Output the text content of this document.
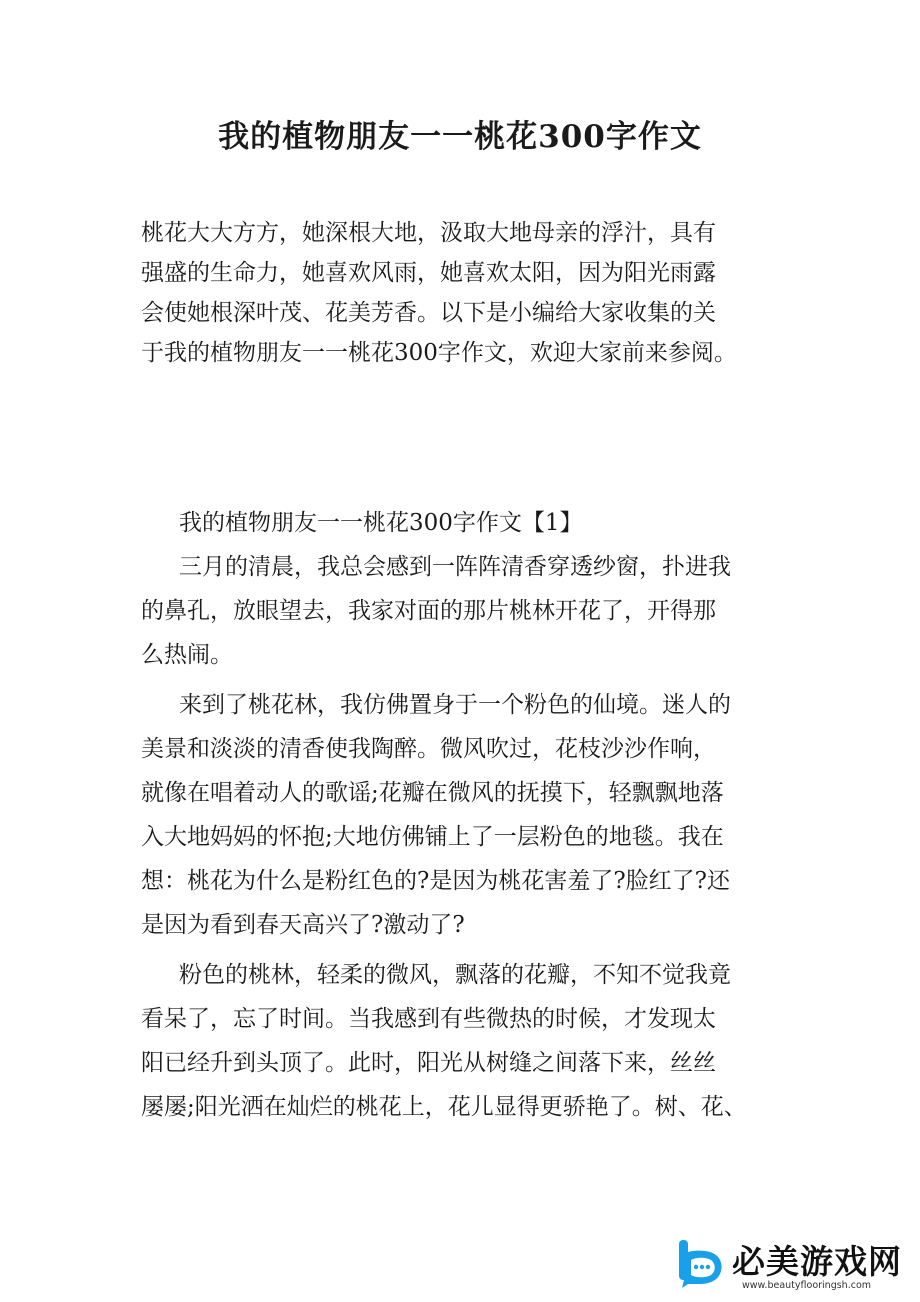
我的植物朋友一一桃花300字作文

桃花大大方方，她深根大地，汲取大地母亲的浮汁，具有
强盛的生命力，她喜欢风雨，她喜欢太阳，因为阳光雨露
会使她根深叶茂、花美芳香。以下是小编给大家收集的关
于我的植物朋友一一桃花300字作文，欢迎大家前来参阅。

我的植物朋友一一桃花300字作文【1】

三月的清晨，我总会感到一阵阵清香穿透纱窗，扑进我
的鼻孔，放眼望去，我家对面的那片桃林开花了，开得那
么热闹。

来到了桃花林，我仿佛置身于一个粉色的仙境。迷人的
美景和淡淡的清香使我陶醉。微风吹过，花枝沙沙作响，
就像在唱着动人的歌谣;花瓣在微风的抚摸下，轻飘飘地落
入大地妈妈的怀抱;大地仿佛铺上了一层粉色的地毯。我在
想：桃花为什么是粉红色的?是因为桃花害羞了?脸红了?还
是因为看到春天高兴了?激动了?

粉色的桃林，轻柔的微风，飘落的花瓣，不知不觉我竟
看呆了，忘了时间。当我感到有些微热的时候，才发现太
阳已经升到头顶了。此时，阳光从树缝之间落下来，丝丝
屡屡;阳光洒在灿烂的桃花上，花儿显得更骄艳了。树、花、

必美游戏网
www.beautyflooringsh.com
